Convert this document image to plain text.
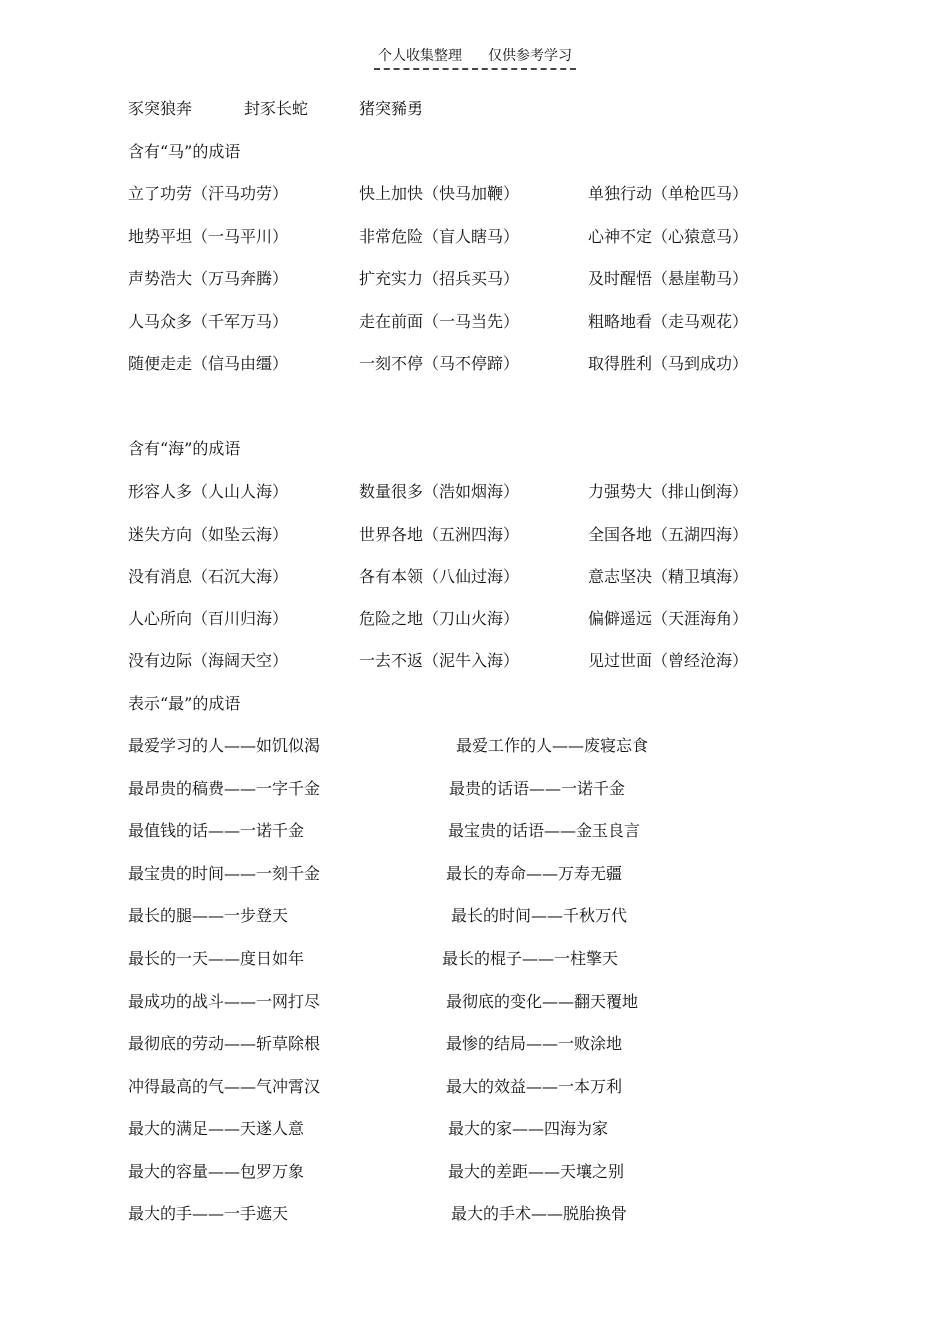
个人收集整理 仅供参考学习
豕突狼奔	封豕长蛇	猪突豨勇
含有“马”的成语
立了功劳（汗马功劳）	快上加快（快马加鞭）	单独行动（单枪匹马）
地势平坦（一马平川）	非常危险（盲人瞎马）	心神不定（心猿意马）
声势浩大（万马奔腾）	扩充实力（招兵买马）	及时醒悟（悬崖勒马）
人马众多（千军万马）	走在前面（一马当先）	粗略地看（走马观花）
随便走走（信马由缰）	一刻不停（马不停蹄）	取得胜利（马到成功）
含有“海”的成语
形容人多（人山人海）	数量很多（浩如烟海）	力强势大（排山倒海）
迷失方向（如坠云海）	世界各地（五洲四海）	全国各地（五湖四海）
没有消息（石沉大海）	各有本领（八仙过海）	意志坚决（精卫填海）
人心所向（百川归海）	危险之地（刀山火海）	偏僻遥远（天涯海角）
没有边际（海阔天空）	一去不返（泥牛入海）	见过世面（曾经沧海）
表示“最”的成语
最爱学习的人——如饥似渴	最爱工作的人——废寝忘食
最昂贵的稿费——一字千金	最贵的话语——一诺千金
最值钱的话——一诺千金	最宝贵的话语——金玉良言
最宝贵的时间——一刻千金	最长的寿命——万寿无疆
最长的腿——一步登天	最长的时间——千秋万代
最长的一天——度日如年	最长的棍子——一柱擎天
最成功的战斗——一网打尽	最彻底的变化——翻天覆地
最彻底的劳动——斩草除根	最惨的结局——一败涂地
冲得最高的气——气冲霄汉	最大的效益——一本万利
最大的满足——天遂人意	最大的家——四海为家
最大的容量——包罗万象	最大的差距——天壤之别
最大的手——一手遮天	最大的手术——脱胎换骨
